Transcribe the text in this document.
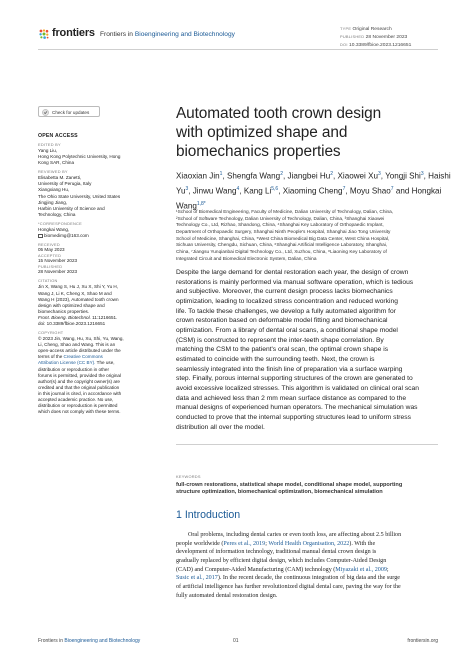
frontiers Frontiers in Bioengineering and Biotechnology
TYPE Original Research
PUBLISHED 28 November 2023
DOI 10.3389/fbioe.2023.1216651
Check for updates
OPEN ACCESS
EDITED BY
Yang Liu,
Hong Kong Polytechnic University, Hong
Kong SAR, China
REVIEWED BY
Elisabetta M. Zanetti,
University of Perugia, Italy
Xiangxiang Hu,
The Ohio State University, United States
Jingjing Jiang,
Harbin University of Science and
Technology, China
*CORRESPONDENCE
Hongkai Wang,
biomedimg@163.com
RECEIVED
05 May 2023
ACCEPTED
15 November 2023
PUBLISHED
28 November 2023
CITATION
Jin X, Wang S, Hu J, Xu X, Shi Y, Yu H,
Wang J, Li K, Cheng X, Shao M and
Wang H (2023), Automated tooth crown
design with optimized shape and
biomechanics properties.
Front. Bioeng. Biotechnol. 11:1216651.
doi: 10.3389/fbioe.2023.1216651
COPYRIGHT
© 2023 Jin, Wang, Hu, Xu, Shi, Yu, Wang,
Li, Cheng, Shao and Wang. This is an
open-access article distributed under the
terms of the Creative Commons
Attribution License (CC BY). The use,
distribution or reproduction in other
forums is permitted, provided the original
author(s) and the copyright owner(s) are
credited and that the original publication
in this journal is cited, in accordance with
accepted academic practice. No use,
distribution or reproduction is permitted
which does not comply with these terms.
Automated tooth crown design
with optimized shape and
biomechanics properties
Xiaoxian Jin$^1$, Shengfa Wang$^2$, Jiangbei Hu$^2$, Xiaowei Xu$^3$, Yongji Shi$^3$, Haishi Yu$^3$, Jinwu Wang$^4$, Kang Li$^{5,6}$, Xiaoming Cheng$^7$, Moyu Shao$^7$ and Hongkai Wang$^{1,8*}$
¹School of Biomedical Engineering, Faculty of Medicine, Dalian University of Technology, Dalian, China,
²School of Software Technology, Dalian University of Technology, Dalian, China, ³Shanghai Xiaowei
Technology Co., Ltd, Rizhao, Shandong, China, ⁴Shanghai Key Laboratory of Orthopaedic Implant,
Department of Orthopaedic Surgery, Shanghai Ninth People's Hospital, Shanghai Jiao Tong University
School of Medicine, Shanghai, China, ⁵West China Biomedical Big Data Center, West China Hospital,
Sichuan University, Chengdu, Sichuan, China, ⁶Shanghai Artificial Intelligence Laboratory, Shanghai,
China, ⁷Jiangsu Yunqianbai Digital Technology Co., Ltd, Xuzhou, China, ⁸Liaoning Key Laboratory of
Integrated Circuit and Biomedical Electronic System, Dalian, China
Despite the large demand for dental restoration each year, the design of crown
restorations is mainly performed via manual software operation, which is tedious
and subjective. Moreover, the current design process lacks biomechanics
optimization, leading to localized stress concentration and reduced working
life. To tackle these challenges, we develop a fully automated algorithm for
crown restoration based on deformable model fitting and biomechanical
optimization. From a library of dental oral scans, a conditional shape model
(CSM) is constructed to represent the inter-teeth shape correlation. By
matching the CSM to the patient's oral scan, the optimal crown shape is
estimated to coincide with the surrounding teeth. Next, the crown is
seamlessly integrated into the finish line of preparation via a surface warping
step. Finally, porous internal supporting structures of the crown are generated to
avoid excessive localized stresses. This algorithm is validated on clinical oral scan
data and achieved less than 2 mm mean surface distance as compared to the
manual designs of experienced human operators. The mechanical simulation was
conducted to prove that the internal supporting structures lead to uniform stress
distribution all over the model.
KEYWORDS
full-crown restorations, statistical shape model, conditional shape model, supporting
structure optimization, biomechanical optimization, biomechanical simulation
1 Introduction
Oral problems, including dental caries or even tooth loss, are affecting about 2.5 billion
people worldwide (Peres et al., 2019; World Health Organisation, 2022). With the
development of information technology, traditional manual dental crown design is
gradually replaced by efficient digital design, which includes Computer-Aided Design
(CAD) and Computer-Aided Manufacturing (CAM) technology (Miyazaki et al., 2009;
Susic et al., 2017). In the recent decade, the continuous integration of big data and the surge
of artificial intelligence has further revolutionized digital dental care, paving the way for the
fully automated dental restoration design.
Frontiers in Bioengineering and Biotechnology	01	frontiersin.org
